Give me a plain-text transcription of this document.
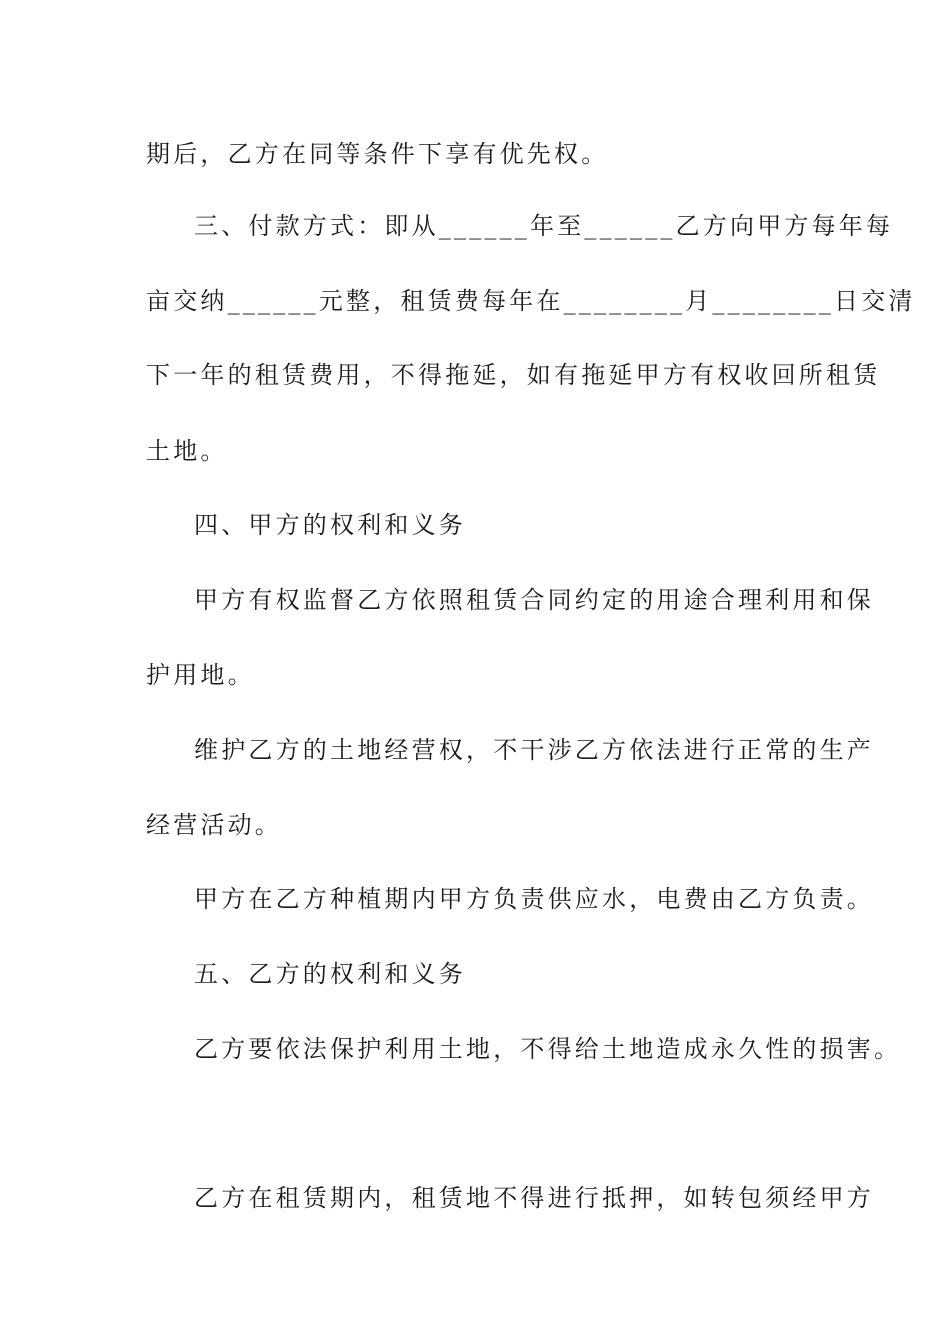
期后，乙方在同等条件下享有优先权。

三、付款方式：即从______年至______乙方向甲方每年每

亩交纳______元整，租赁费每年在________月________日交清

下一年的租赁费用，不得拖延，如有拖延甲方有权收回所租赁

土地。

四、甲方的权利和义务

甲方有权监督乙方依照租赁合同约定的用途合理利用和保

护用地。

维护乙方的土地经营权，不干涉乙方依法进行正常的生产

经营活动。

甲方在乙方种植期内甲方负责供应水，电费由乙方负责。

五、乙方的权利和义务

乙方要依法保护利用土地，不得给土地造成永久性的损害。

乙方在租赁期内，租赁地不得进行抵押，如转包须经甲方
